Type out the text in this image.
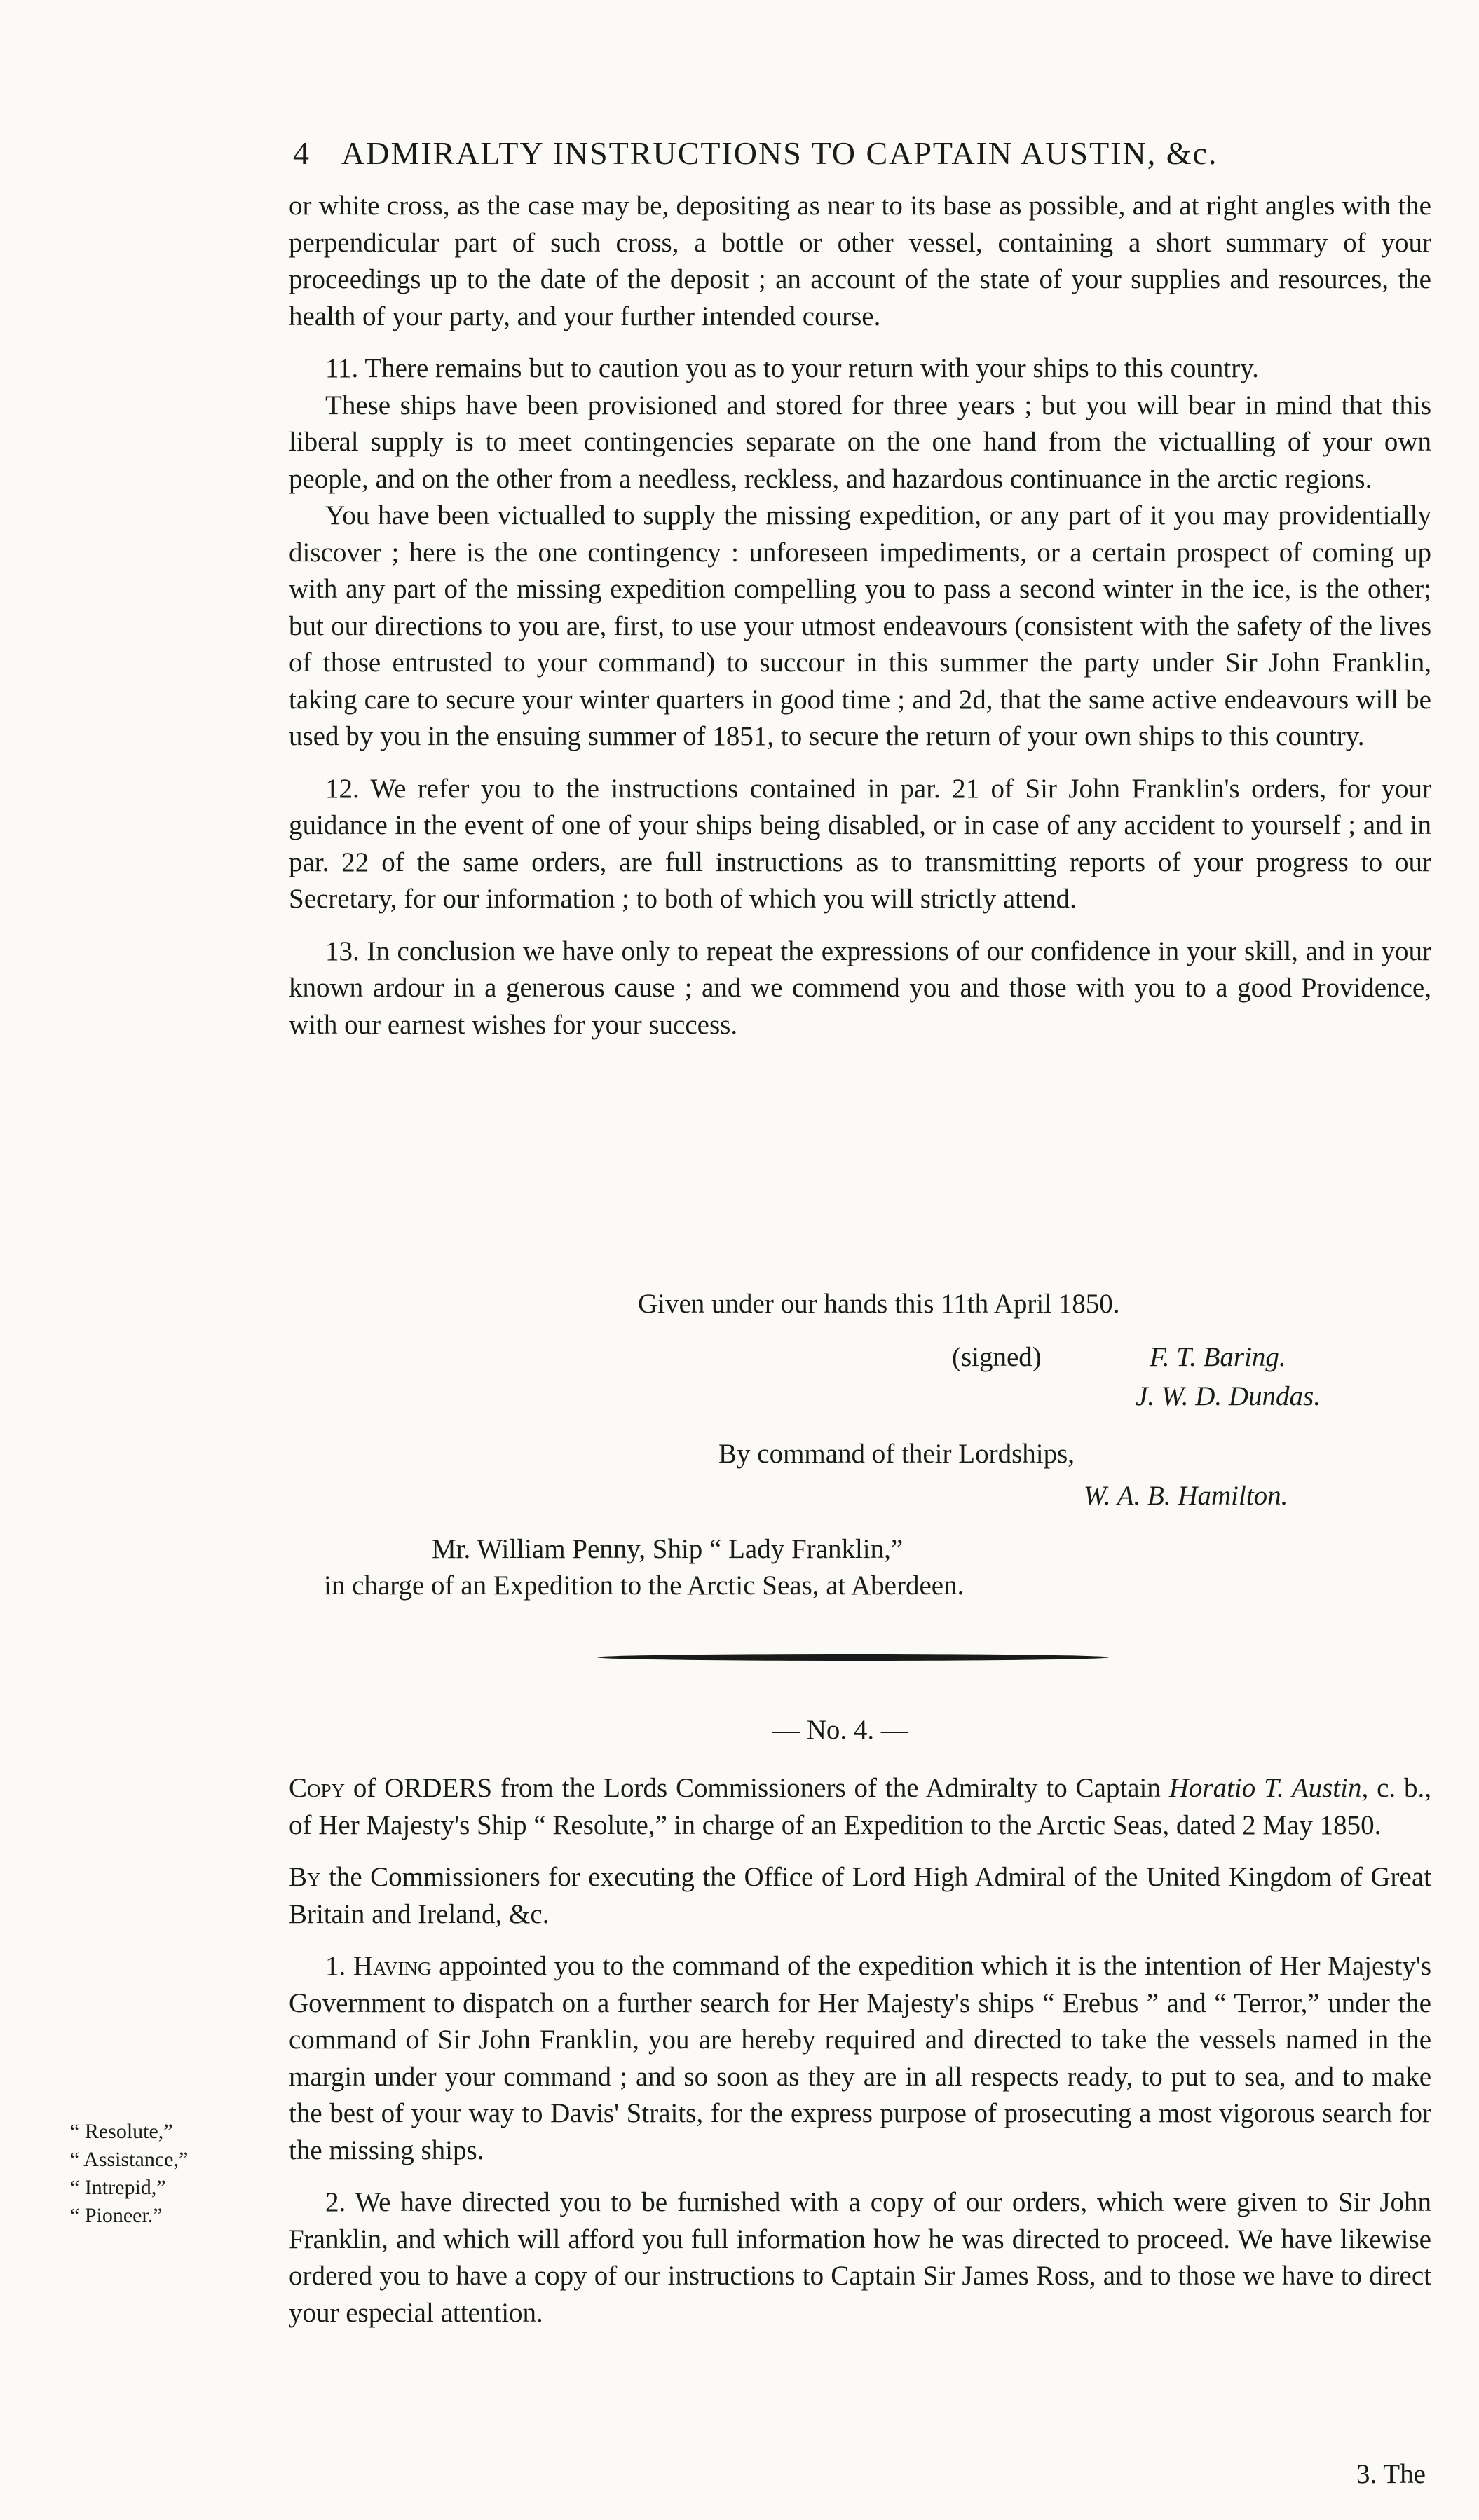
4 ADMIRALTY INSTRUCTIONS TO CAPTAIN AUSTIN, &c.

or white cross, as the case may be, depositing as near to its base as possible, and at right angles with the perpendicular part of such cross, a bottle or other vessel, containing a short summary of your proceedings up to the date of the deposit ; an account of the state of your supplies and resources, the health of your party, and your further intended course.

11. There remains but to caution you as to your return with your ships to this country.

These ships have been provisioned and stored for three years ; but you will bear in mind that this liberal supply is to meet contingencies separate on the one hand from the victualling of your own people, and on the other from a needless, reckless, and hazardous continuance in the arctic regions.

You have been victualled to supply the missing expedition, or any part of it you may providentially discover ; here is the one contingency : unforeseen impediments, or a certain prospect of coming up with any part of the missing expedition compelling you to pass a second winter in the ice, is the other; but our directions to you are, first, to use your utmost endeavours (consistent with the safety of the lives of those entrusted to your command) to succour in this summer the party under Sir John Franklin, taking care to secure your winter quarters in good time ; and 2d, that the same active endeavours will be used by you in the ensuing summer of 1851, to secure the return of your own ships to this country.

12. We refer you to the instructions contained in par. 21 of Sir John Franklin's orders, for your guidance in the event of one of your ships being disabled, or in case of any accident to yourself ; and in par. 22 of the same orders, are full instructions as to transmitting reports of your progress to our Secretary, for our information ; to both of which you will strictly attend.

13. In conclusion we have only to repeat the expressions of our confidence in your skill, and in your known ardour in a generous cause ; and we commend you and those with you to a good Providence, with our earnest wishes for your success.

Given under our hands this 11th April 1850.
(signed)	F. T. Baring.
J. W. D. Dundas.
By command of their Lordships,
W. A. B. Hamilton.
Mr. William Penny, Ship “ Lady Franklin,”
in charge of an Expedition to the Arctic Seas, at Aberdeen.
— No. 4. —

Copy of ORDERS from the Lords Commissioners of the Admiralty to Captain Horatio T. Austin, c. b., of Her Majesty's Ship “ Resolute,” in charge of an Expedition to the Arctic Seas, dated 2 May 1850.

By the Commissioners for executing the Office of Lord High Admiral of the United Kingdom of Great Britain and Ireland, &c.

1. Having appointed you to the command of the expedition which it is the intention of Her Majesty's Government to dispatch on a further search for Her Majesty's ships “ Erebus ” and “ Terror,” under the command of Sir John Franklin, you are hereby required and directed to take the vessels named in the margin under your command ; and so soon as they are in all respects ready, to put to sea, and to make the best of your way to Davis' Straits, for the express purpose of prosecuting a most vigorous search for the missing ships.

2. We have directed you to be furnished with a copy of our orders, which were given to Sir John Franklin, and which will afford you full information how he was directed to proceed. We have likewise ordered you to have a copy of our instructions to Captain Sir James Ross, and to those we have to direct your especial attention.

“ Resolute,”
“ Assistance,”
“ Intrepid,”
“ Pioneer.”
3. The
